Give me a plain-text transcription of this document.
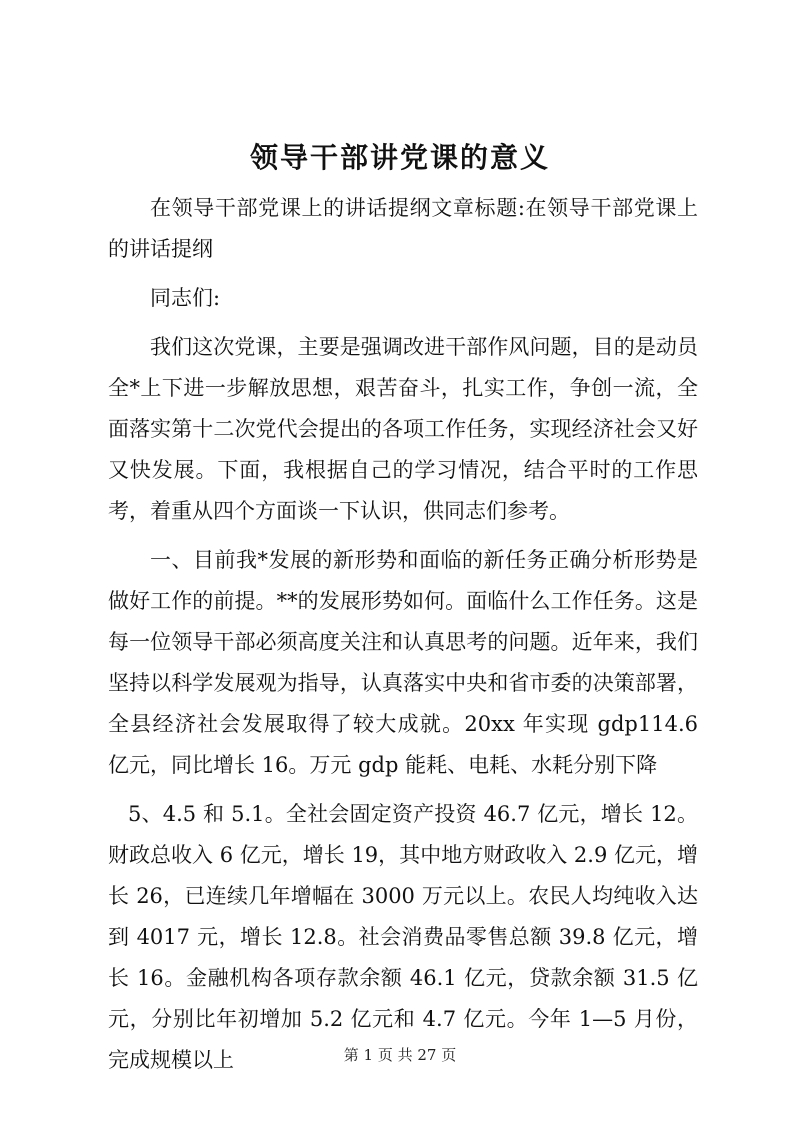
领导干部讲党课的意义

在领导干部党课上的讲话提纲文章标题:在领导干部党课上的讲话提纲

同志们:

我们这次党课，主要是强调改进干部作风问题，目的是动员全*上下进一步解放思想，艰苦奋斗，扎实工作，争创一流，全面落实第十二次党代会提出的各项工作任务，实现经济社会又好又快发展。下面，我根据自己的学习情况，结合平时的工作思考，着重从四个方面谈一下认识，供同志们参考。

一、目前我*发展的新形势和面临的新任务正确分析形势是做好工作的前提。**的发展形势如何。面临什么工作任务。这是每一位领导干部必须高度关注和认真思考的问题。近年来，我们坚持以科学发展观为指导，认真落实中央和省市委的决策部署，全县经济社会发展取得了较大成就。20xx 年实现 gdp114.6 亿元，同比增长 16。万元 gdp 能耗、电耗、水耗分别下降

5、4.5 和 5.1。全社会固定资产投资 46.7 亿元，增长 12。财政总收入 6 亿元，增长 19，其中地方财政收入 2.9 亿元，增长 26，已连续几年增幅在 3000 万元以上。农民人均纯收入达到 4017 元，增长 12.8。社会消费品零售总额 39.8 亿元，增长 16。金融机构各项存款余额 46.1 亿元，贷款余额 31.5 亿元，分别比年初增加 5.2 亿元和 4.7 亿元。今年 1—5 月份，完成规模以上	第 1 页 共 27 页
